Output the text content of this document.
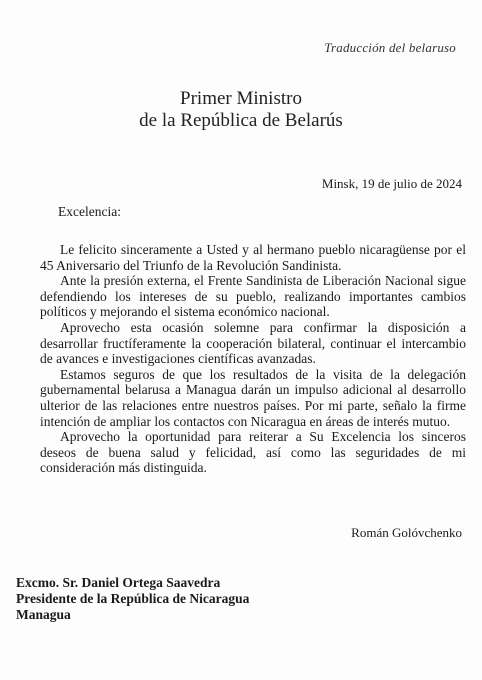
Traducción del belaruso
Primer Ministro
de la República de Belarús
Minsk, 19 de julio de 2024
Excelencia:

Le felicito sinceramente a Usted y al hermano pueblo nicaragüense por el 45 Aniversario del Triunfo de la Revolución Sandinista.

Ante la presión externa, el Frente Sandinista de Liberación Nacional sigue defendiendo los intereses de su pueblo, realizando importantes cambios políticos y mejorando el sistema económico nacional.

Aprovecho esta ocasión solemne para confirmar la disposición a desarrollar fructíferamente la cooperación bilateral, continuar el intercambio de avances e investigaciones científicas avanzadas.

Estamos seguros de que los resultados de la visita de la delegación gubernamental belarusa a Managua darán un impulso adicional al desarrollo ulterior de las relaciones entre nuestros países. Por mi parte, señalo la firme intención de ampliar los contactos con Nicaragua en áreas de interés mutuo.

Aprovecho la oportunidad para reiterar a Su Excelencia los sinceros deseos de buena salud y felicidad, así como las seguridades de mi consideración más distinguida.

Román Golóvchenko
Excmo. Sr. Daniel Ortega Saavedra
Presidente de la República de Nicaragua
Managua
